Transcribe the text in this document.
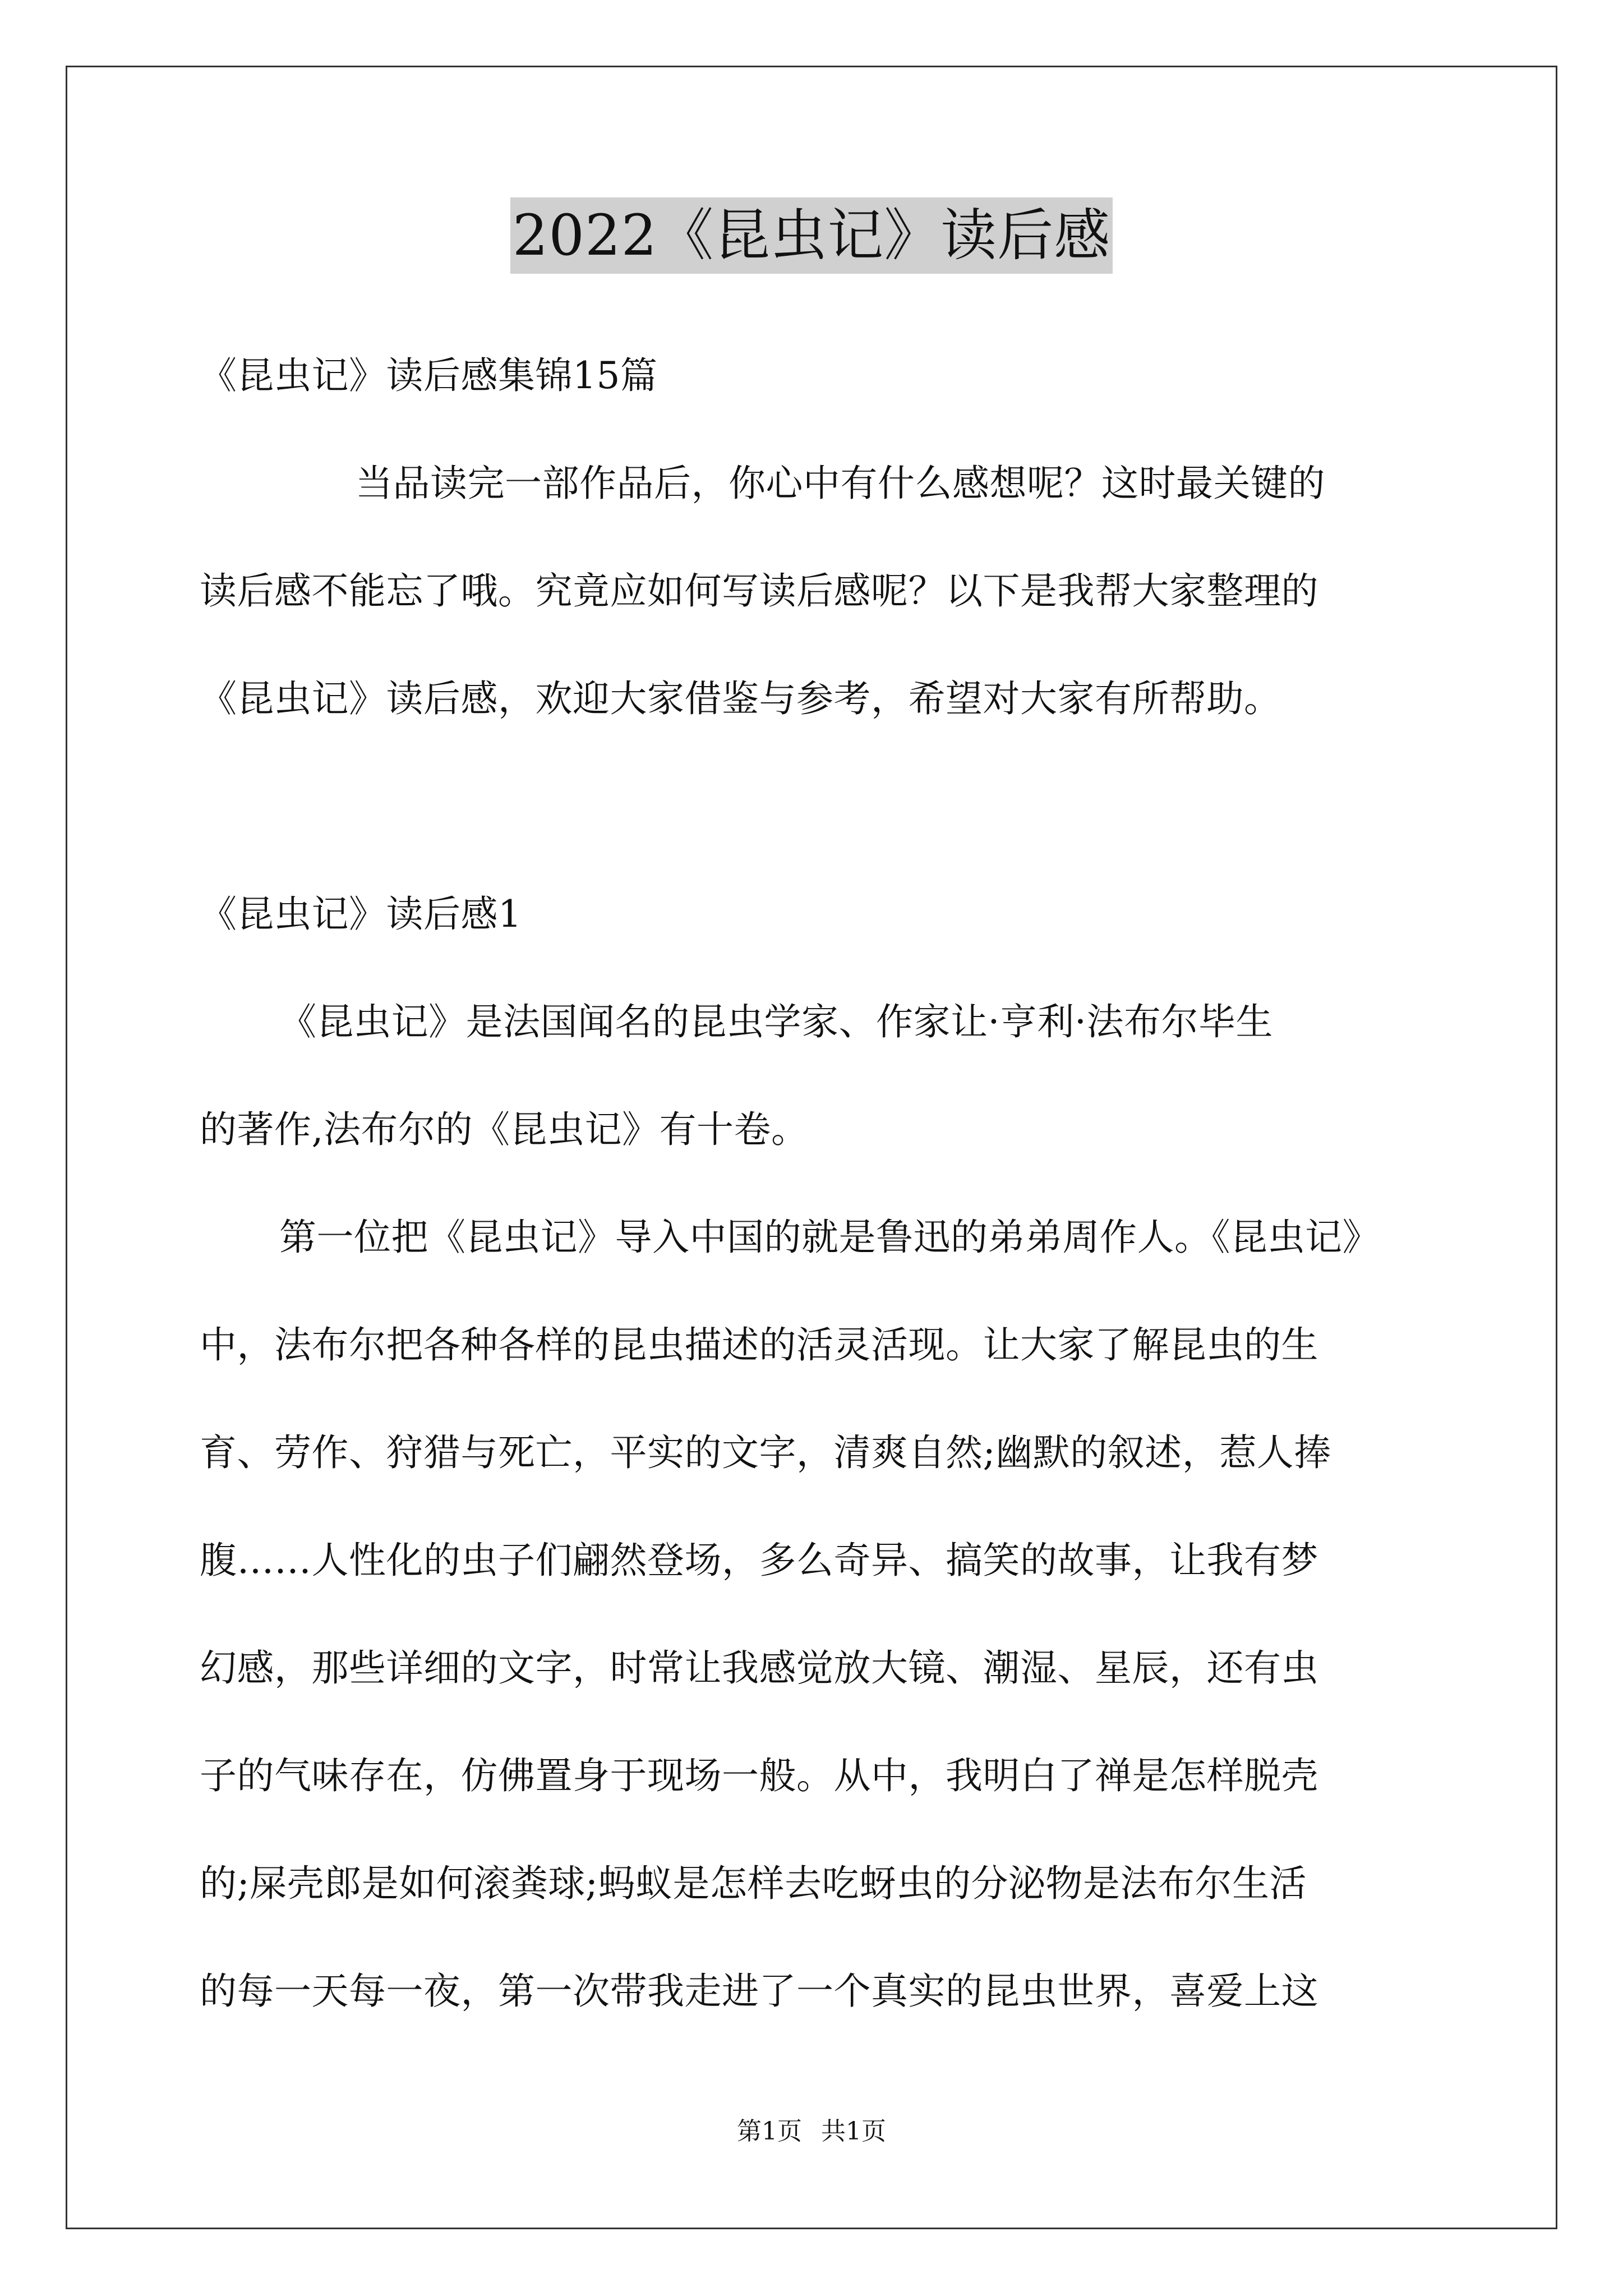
2022《昆虫记》读后感
《昆虫记》读后感集锦15篇
当品读完一部作品后，你心中有什么感想呢？这时最关键的
读后感不能忘了哦。究竟应如何写读后感呢？以下是我帮大家整理的
《昆虫记》读后感，欢迎大家借鉴与参考，希望对大家有所帮助。
《昆虫记》读后感1
《昆虫记》是法国闻名的昆虫学家、作家让·亨利·法布尔毕生
的著作,法布尔的《昆虫记》有十卷。
第一位把《昆虫记》导入中国的就是鲁迅的弟弟周作人。《昆虫记》
中，法布尔把各种各样的昆虫描述的活灵活现。让大家了解昆虫的生
育、劳作、狩猎与死亡，平实的文字，清爽自然;幽默的叙述，惹人捧
腹……人性化的虫子们翩然登场，多么奇异、搞笑的故事，让我有梦
幻感，那些详细的文字，时常让我感觉放大镜、潮湿、星辰，还有虫
子的气味存在，仿佛置身于现场一般。从中，我明白了禅是怎样脱壳
的;屎壳郎是如何滚粪球;蚂蚁是怎样去吃蚜虫的分泌物是法布尔生活
的每一天每一夜，第一次带我走进了一个真实的昆虫世界，喜爱上这
第1页 共1页
